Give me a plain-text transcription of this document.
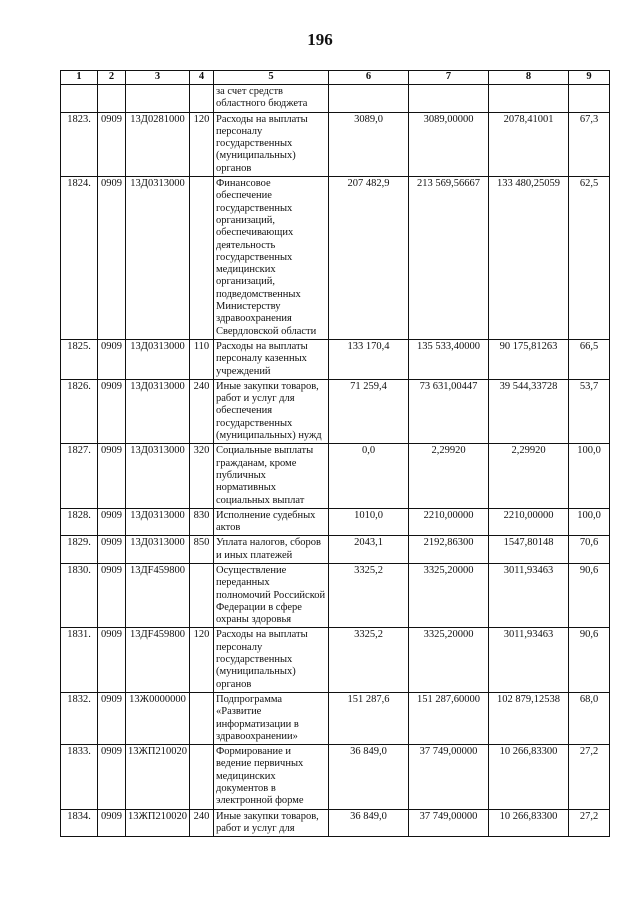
196
1	2	3	4	5	6	7	8	9
				за счет средств областного бюджета				
1823.	0909	13Д0281000	120	Расходы на выплаты персоналу государственных (муниципальных) органов	3089,0	3089,00000	2078,41001	67,3
1824.	0909	13Д0313000		Финансовое обеспечение государственных организаций, обеспечивающих деятельность государственных медицинских организаций, подведомственных Министерству здравоохранения Свердловской области	207 482,9	213 569,56667	133 480,25059	62,5
1825.	0909	13Д0313000	110	Расходы на выплаты персоналу казенных учреждений	133 170,4	135 533,40000	90 175,81263	66,5
1826.	0909	13Д0313000	240	Иные закупки товаров, работ и услуг для обеспечения государственных (муниципальных) нужд	71 259,4	73 631,00447	39 544,33728	53,7
1827.	0909	13Д0313000	320	Социальные выплаты гражданам, кроме публичных нормативных социальных выплат	0,0	2,29920	2,29920	100,0
1828.	0909	13Д0313000	830	Исполнение судебных актов	1010,0	2210,00000	2210,00000	100,0
1829.	0909	13Д0313000	850	Уплата налогов, сборов и иных платежей	2043,1	2192,86300	1547,80148	70,6
1830.	0909	13ДF459800		Осуществление переданных полномочий Российской Федерации в сфере охраны здоровья	3325,2	3325,20000	3011,93463	90,6
1831.	0909	13ДF459800	120	Расходы на выплаты персоналу государственных (муниципальных) органов	3325,2	3325,20000	3011,93463	90,6
1832.	0909	13Ж0000000		Подпрограмма «Развитие информатизации в здравоохранении»	151 287,6	151 287,60000	102 879,12538	68,0
1833.	0909	13ЖП210020		Формирование и ведение первичных медицинских документов в электронной форме	36 849,0	37 749,00000	10 266,83300	27,2
1834.	0909	13ЖП210020	240	Иные закупки товаров, работ и услуг для	36 849,0	37 749,00000	10 266,83300	27,2
